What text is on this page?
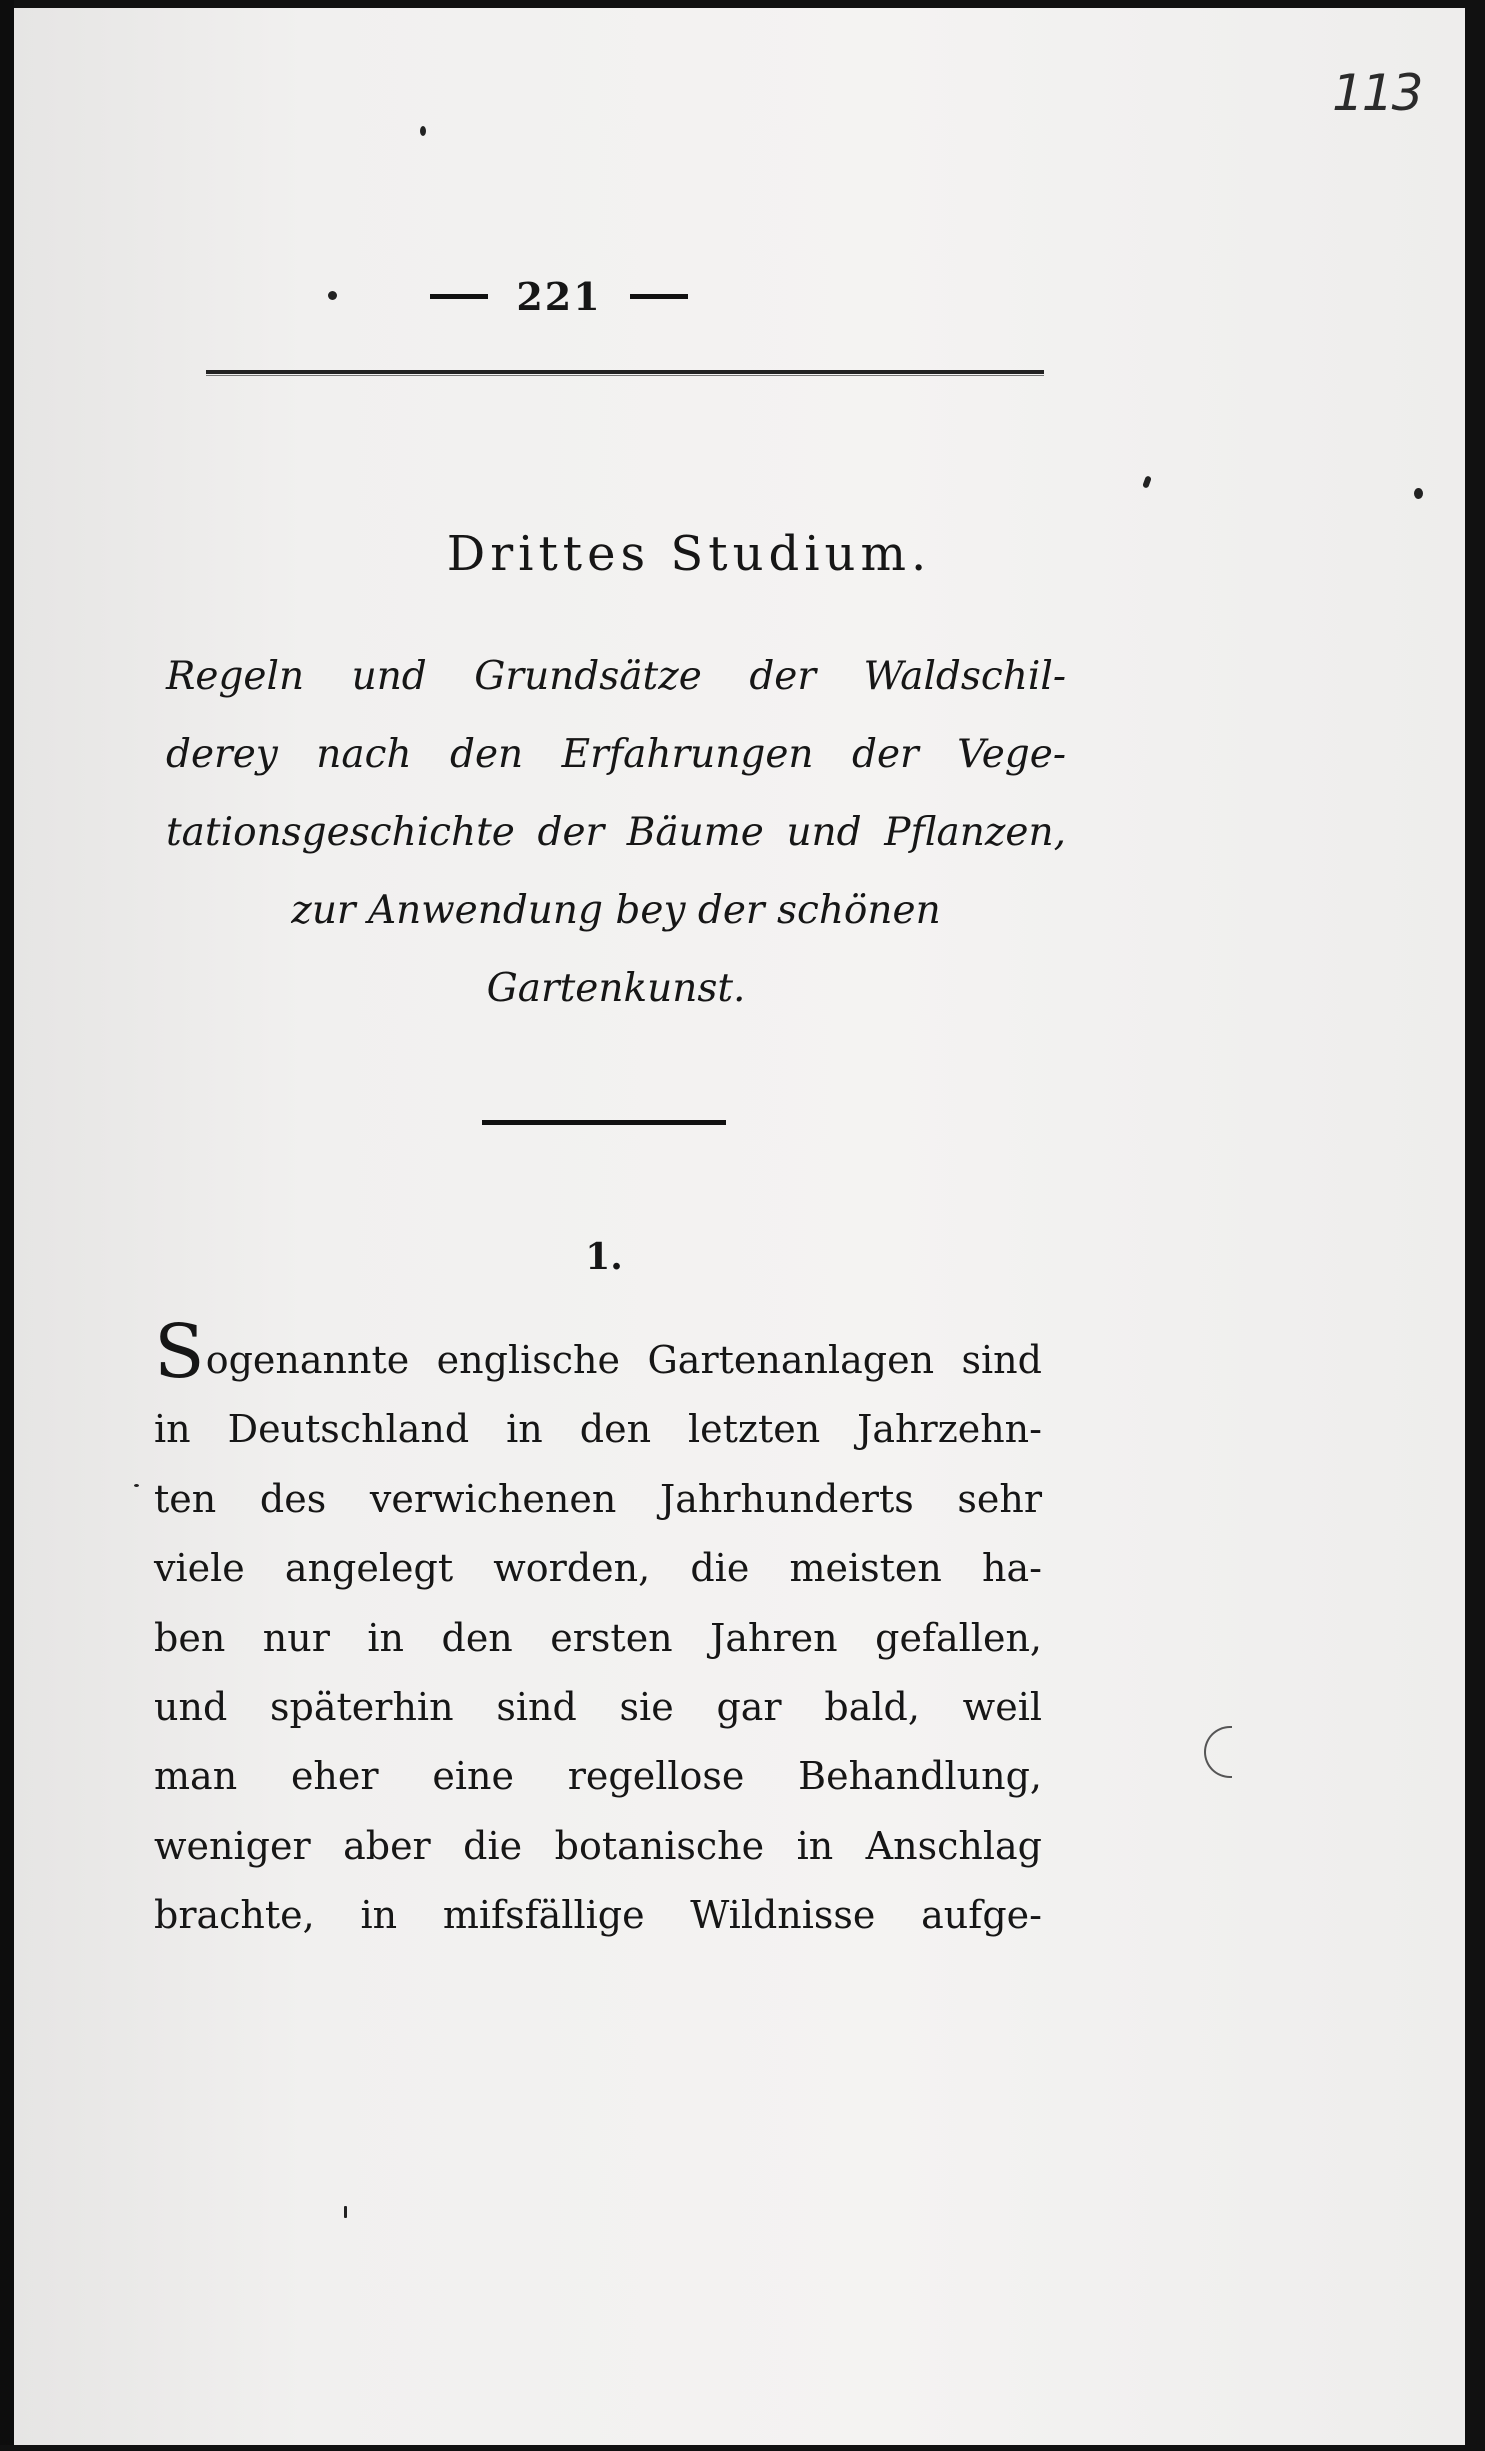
113
221
Drittes Studium.
Regeln und Grundsätze der Waldschil-
derey nach den Erfahrungen der Vege-
tationsgeschichte der Bäume und Pflanzen,
zur Anwendung bey der schönen
Gartenkunst.
1.
Sogenannte englische Gartenanlagen sind
in Deutschland in den letzten Jahrzehn-
ten des verwichenen Jahrhunderts sehr
viele angelegt worden, die meisten ha-
ben nur in den ersten Jahren gefallen,
und späterhin sind sie gar bald, weil
man eher eine regellose Behandlung,
weniger aber die botanische in Anschlag
brachte, in mifsfällige Wildnisse aufge-
